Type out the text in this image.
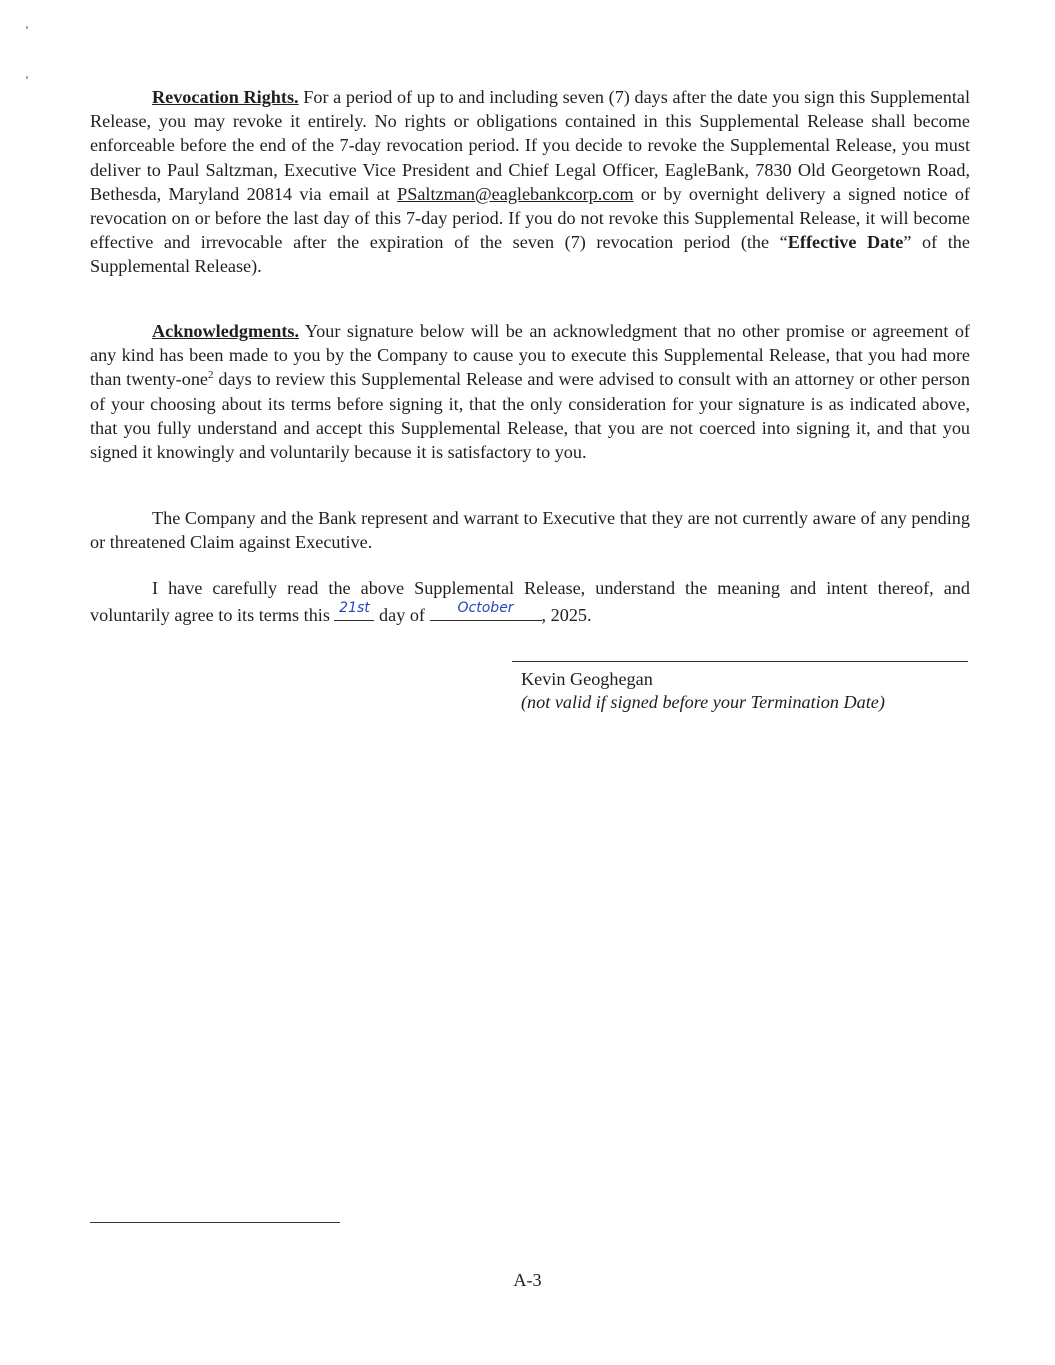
Revocation Rights. For a period of up to and including seven (7) days after the date you sign this Supplemental Release, you may revoke it entirely. No rights or obligations contained in this Supplemental Release shall become enforceable before the end of the 7-day revocation period. If you decide to revoke the Supplemental Release, you must deliver to Paul Saltzman, Executive Vice President and Chief Legal Officer, EagleBank, 7830 Old Georgetown Road, Bethesda, Maryland 20814 via email at PSaltzman@eaglebankcorp.com or by overnight delivery a signed notice of revocation on or before the last day of this 7-day period. If you do not revoke this Supplemental Release, it will become effective and irrevocable after the expiration of the seven (7) revocation period (the “Effective Date” of the Supplemental Release).

Acknowledgments. Your signature below will be an acknowledgment that no other promise or agreement of any kind has been made to you by the Company to cause you to execute this Supplemental Release, that you had more than twenty-one$^2$ days to review this Supplemental Release and were advised to consult with an attorney or other person of your choosing about its terms before signing it, that the only consideration for your signature is as indicated above, that you fully understand and accept this Supplemental Release, that you are not coerced into signing it, and that you signed it knowingly and voluntarily because it is satisfactory to you.

The Company and the Bank represent and warrant to Executive that they are not currently aware of any pending or threatened Claim against Executive.

I have carefully read the above Supplemental Release, understand the meaning and intent thereof, and voluntarily agree to its terms this 21st day of	October	, 2025.

Kevin Geoghegan

(not valid if signed before your Termination Date)

A-3
